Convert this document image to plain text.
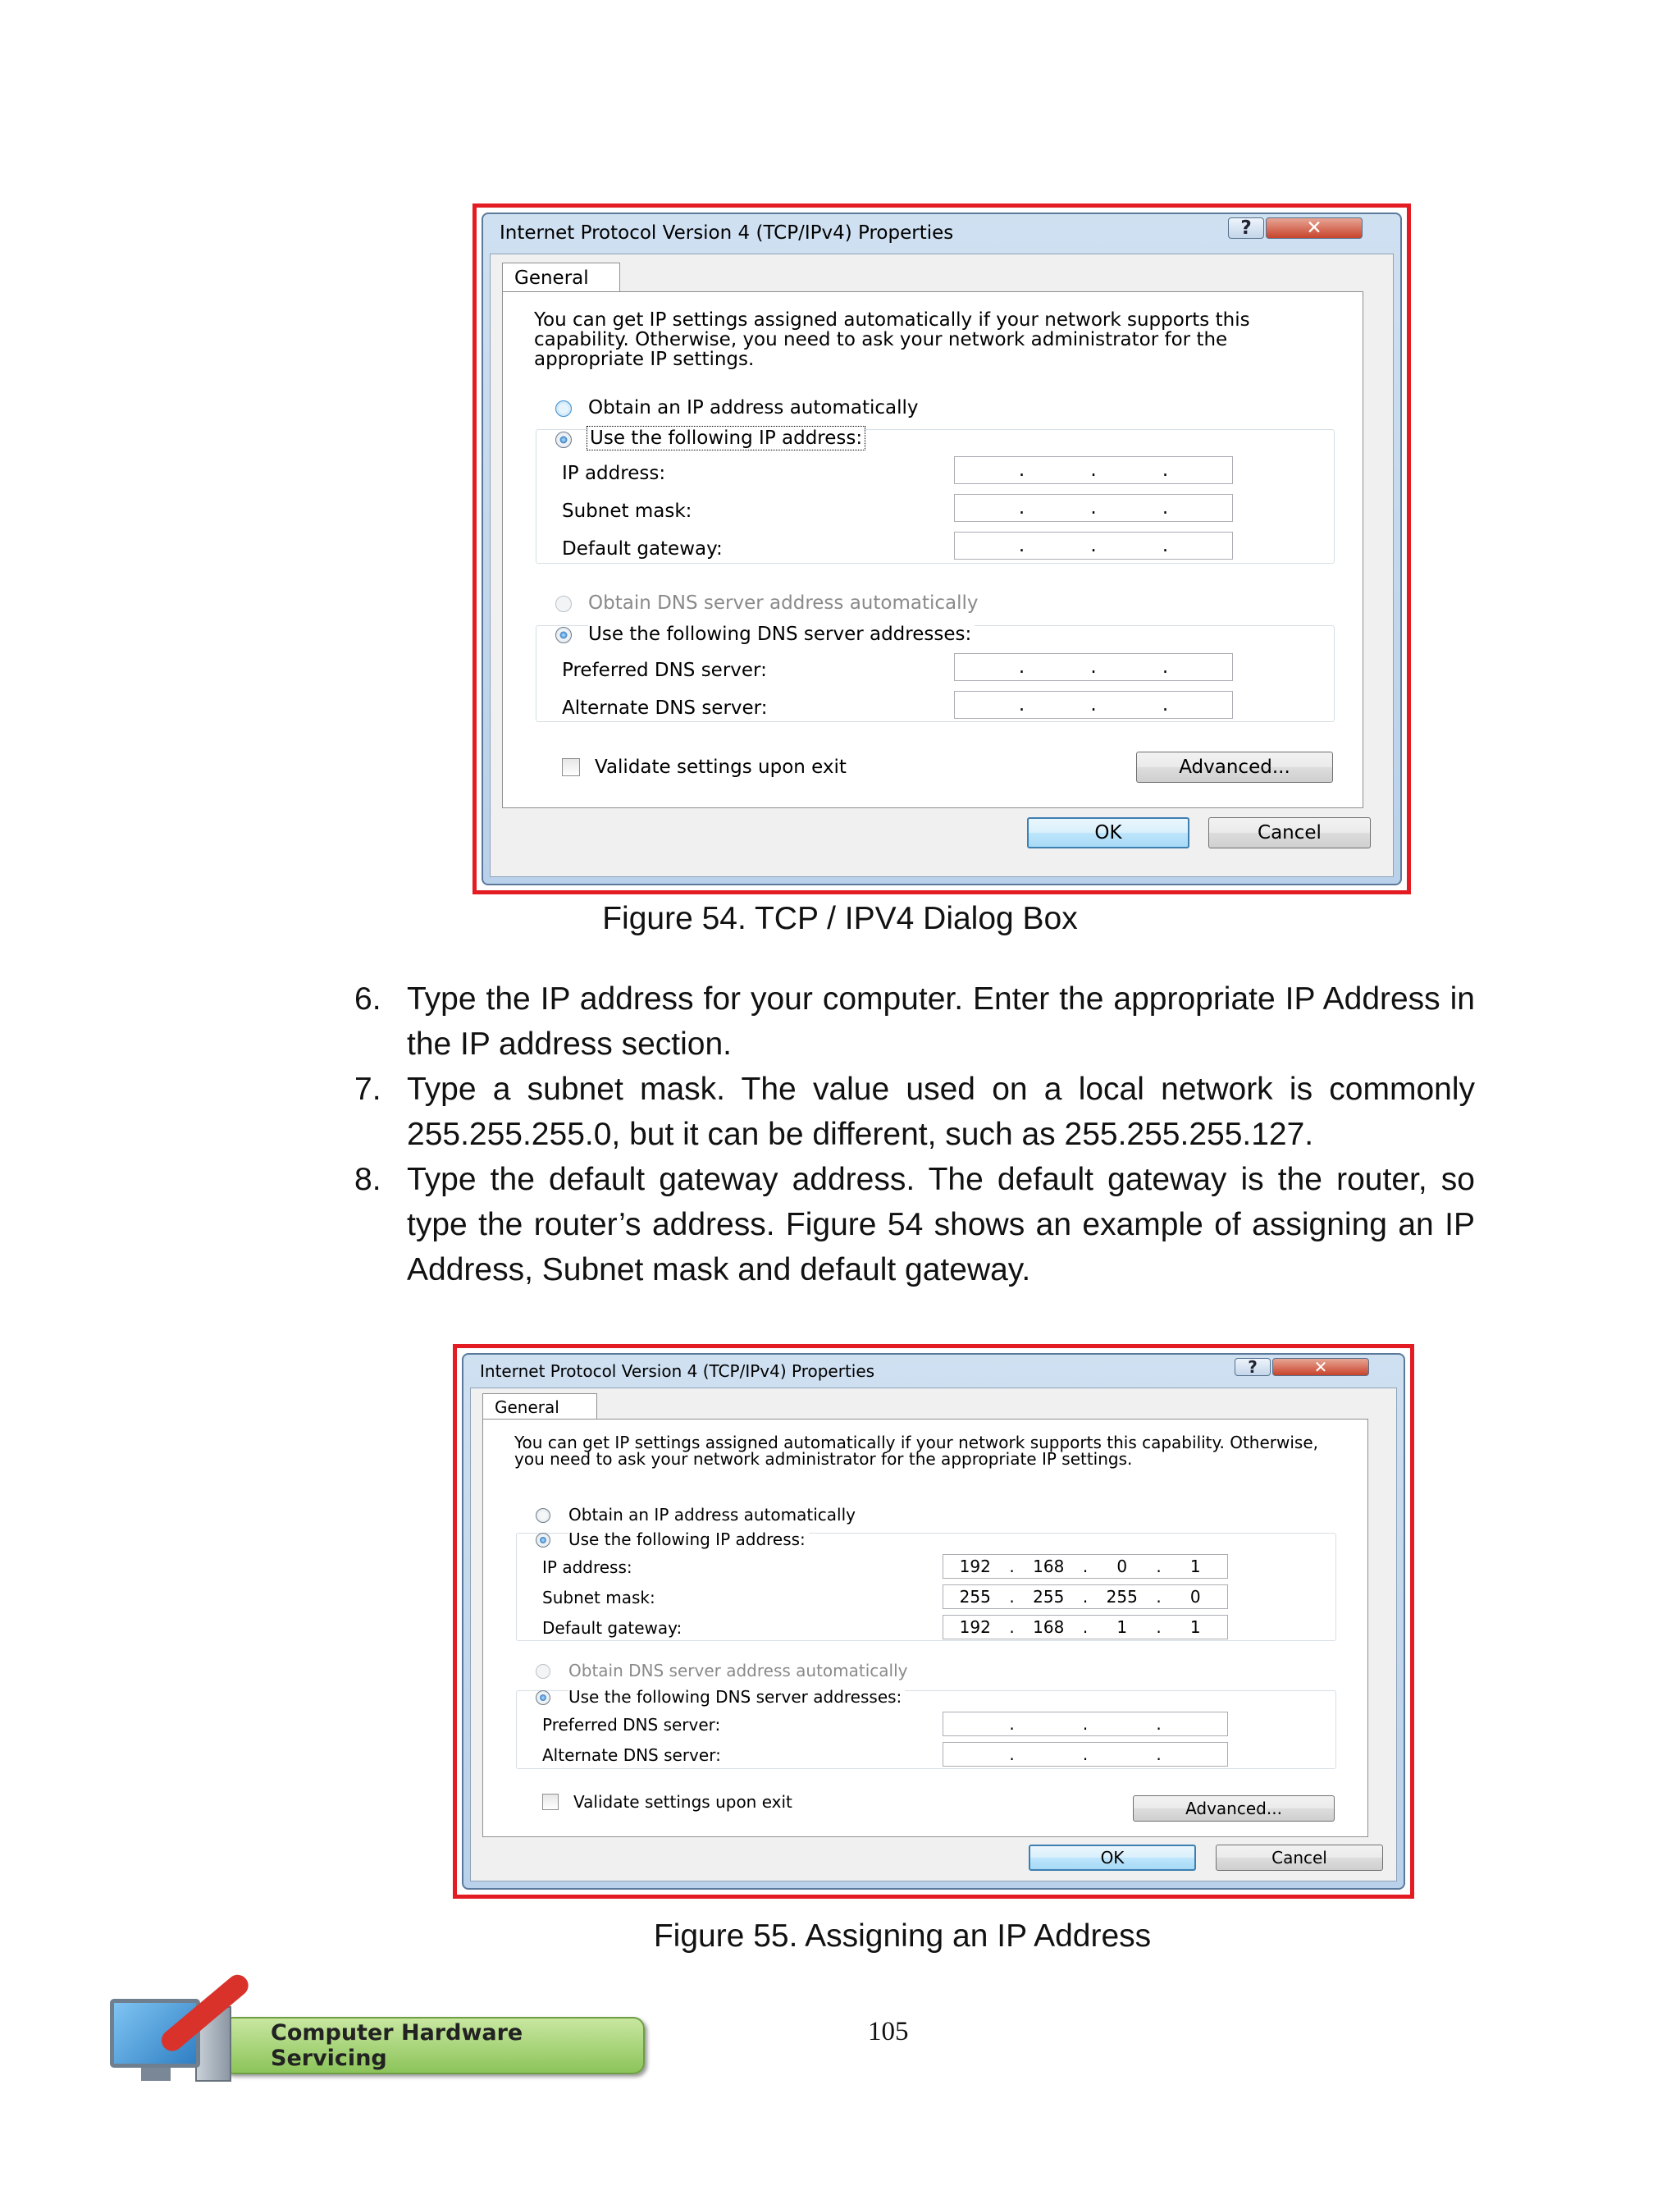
Internet Protocol Version 4 (TCP/IPv4) Properties	?	✕
General
You can get IP settings assigned automatically if your network supports this capability. Otherwise, you need to ask your network administrator for the appropriate IP settings.
Obtain an IP address automatically
Use the following IP address:
IP address:	.	.	.
Subnet mask:	.	.	.
Default gateway:	.	.	.
Obtain DNS server address automatically
Use the following DNS server addresses:
Preferred DNS server:	.	.	.
Alternate DNS server:	.	.	.
Validate settings upon exit	Advanced...
OK	Cancel
Figure 54. TCP / IPV4 Dialog Box
6. Type the IP address for your computer. Enter the appropriate IP Address in the IP address section.
7. Type a subnet mask. The value used on a local network is commonly 255.255.255.0, but it can be different, such as 255.255.255.127.
8. Type the default gateway address. The default gateway is the router, so type the router’s address. Figure 54 shows an example of assigning an IP Address, Subnet mask and default gateway.
Internet Protocol Version 4 (TCP/IPv4) Properties	?	✕
General
You can get IP settings assigned automatically if your network supports this capability. Otherwise, you need to ask your network administrator for the appropriate IP settings.
Obtain an IP address automatically
Use the following IP address:
IP address:	192	.	168	.	0	.	1
Subnet mask:	255	.	255	.	255	.	0
Default gateway:	192	.	168	.	1	.	1
Obtain DNS server address automatically
Use the following DNS server addresses:
Preferred DNS server:	.	.	.
Alternate DNS server:	.	.	.
Validate settings upon exit	Advanced...
OK	Cancel
Figure 55. Assigning an IP Address
Computer Hardware Servicing
105
